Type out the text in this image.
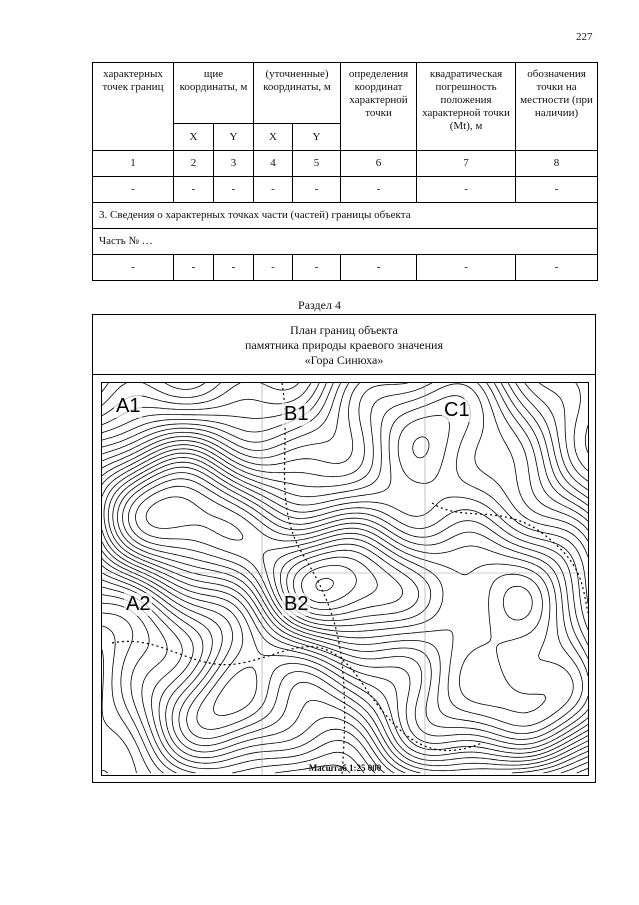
227
характерных точек границ	щие координаты, м		(уточненные) координаты, м		определения координат характерной точки	квадратическая погрешность положения характерной точки (Mt), м	обозначения точки на местности (при наличии)
	X	Y	X	Y			
1	2	3	4	5	6	7	8
-	-	-	-	-	-	-	-
3. Сведения о характерных точках части (частей) границы объекта							
Часть № …							
-	-	-	-	-	-	-	-
Раздел 4
План границ объекта
памятника природы краевого значения
«Гора Синюха»
A1	B1	C1
A2	B2
Масштаб 1:25 000
